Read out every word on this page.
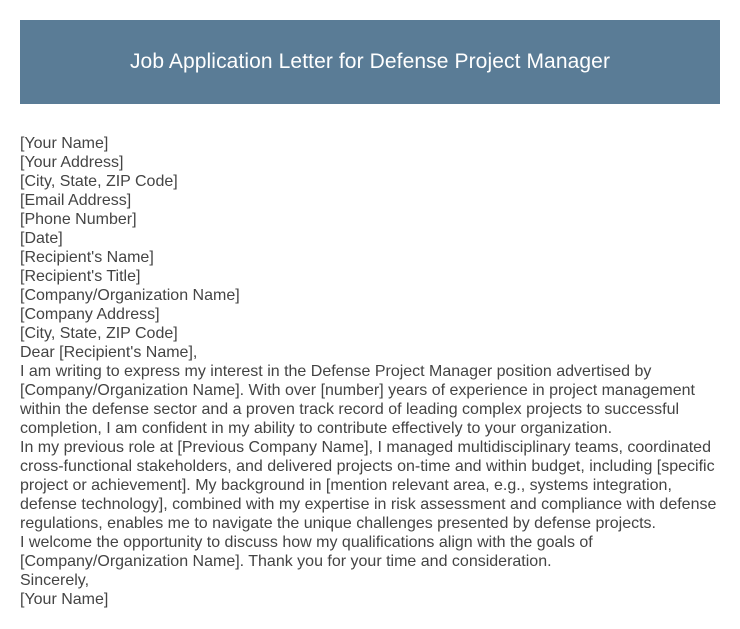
Job Application Letter for Defense Project Manager

[Your Name]

[Your Address]

[City, State, ZIP Code]

[Email Address]

[Phone Number]

[Date]

[Recipient's Name]

[Recipient's Title]

[Company/Organization Name]

[Company Address]

[City, State, ZIP Code]

Dear [Recipient's Name],

I am writing to express my interest in the Defense Project Manager position advertised by [Company/Organization Name]. With over [number] years of experience in project management within the defense sector and a proven track record of leading complex projects to successful completion, I am confident in my ability to contribute effectively to your organization.

In my previous role at [Previous Company Name], I managed multidisciplinary teams, coordinated cross-functional stakeholders, and delivered projects on-time and within budget, including [specific project or achievement]. My background in [mention relevant area, e.g., systems integration, defense technology], combined with my expertise in risk assessment and compliance with defense regulations, enables me to navigate the unique challenges presented by defense projects.

I welcome the opportunity to discuss how my qualifications align with the goals of [Company/Organization Name]. Thank you for your time and consideration.

Sincerely,

[Your Name]
